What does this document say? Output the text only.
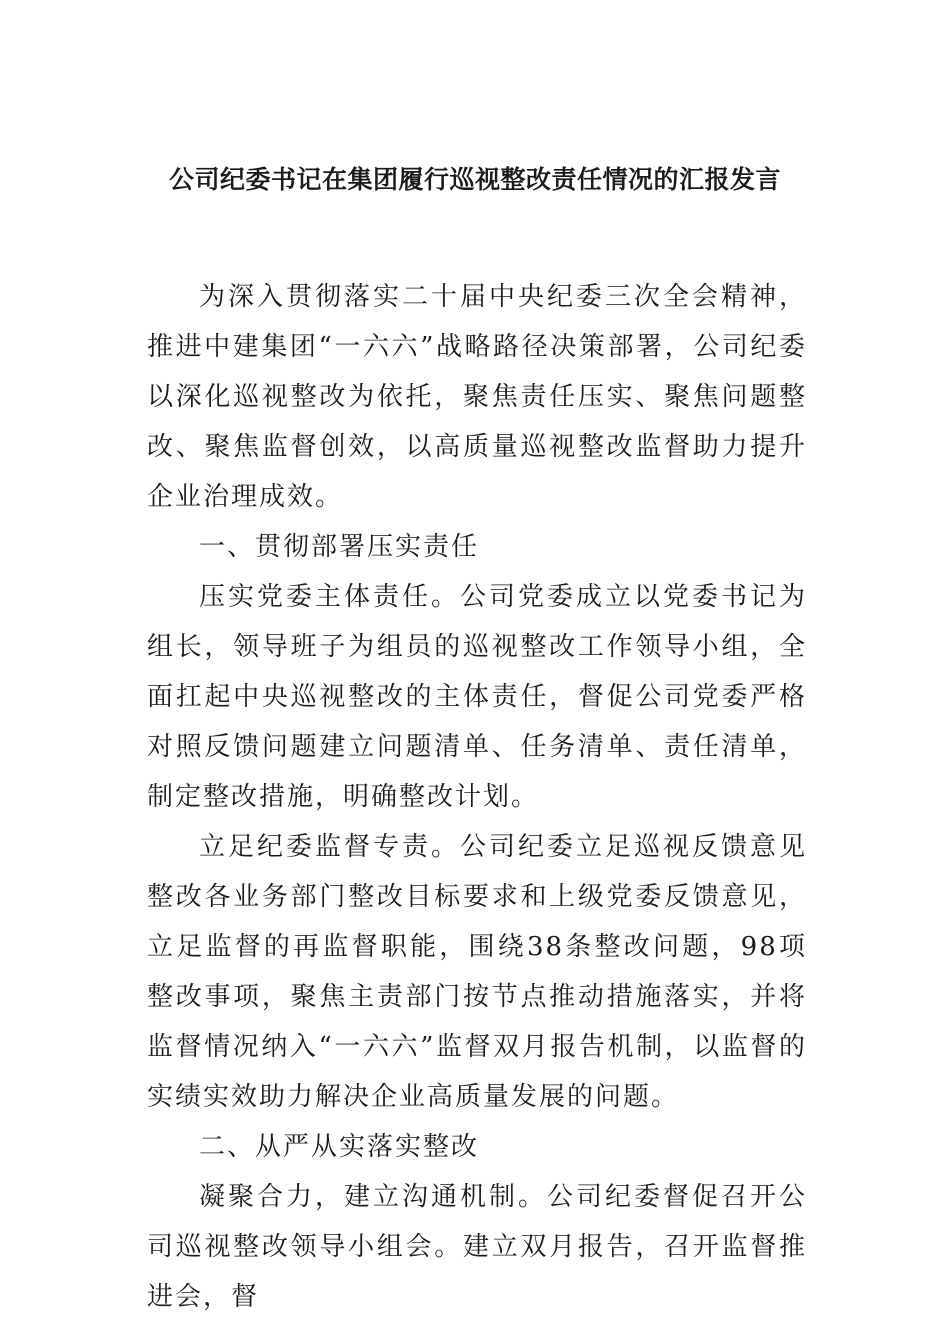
公司纪委书记在集团履行巡视整改责任情况的汇报发言

为深入贯彻落实二十届中央纪委三次全会精神，推进中建集团“一六六”战略路径决策部署，公司纪委以深化巡视整改为依托，聚焦责任压实、聚焦问题整改、聚焦监督创效，以高质量巡视整改监督助力提升企业治理成效。

一、贯彻部署压实责任

压实党委主体责任。公司党委成立以党委书记为组长，领导班子为组员的巡视整改工作领导小组，全面扛起中央巡视整改的主体责任，督促公司党委严格对照反馈问题建立问题清单、任务清单、责任清单，制定整改措施，明确整改计划。

立足纪委监督专责。公司纪委立足巡视反馈意见整改各业务部门整改目标要求和上级党委反馈意见，立足监督的再监督职能，围绕38条整改问题，98项整改事项，聚焦主责部门按节点推动措施落实，并将监督情况纳入“一六六”监督双月报告机制，以监督的实绩实效助力解决企业高质量发展的问题。

二、从严从实落实整改

凝聚合力，建立沟通机制。公司纪委督促召开公司巡视整改领导小组会。建立双月报告，召开监督推进会，督
